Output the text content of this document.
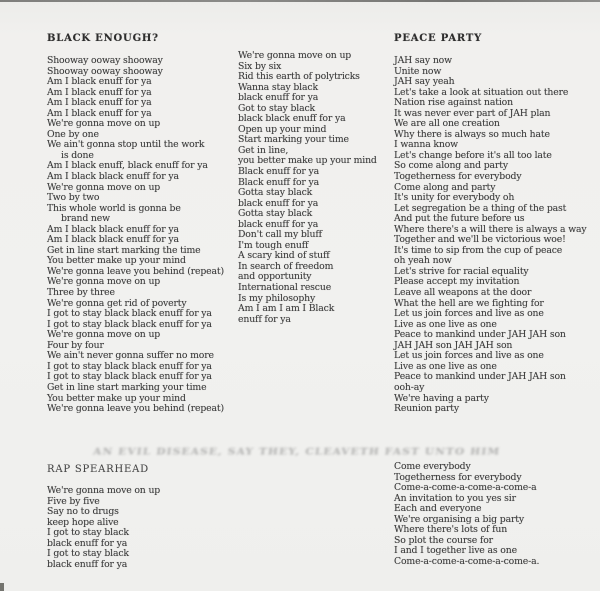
BLACK ENOUGH?
Shooway ooway shooway
Shooway ooway shooway
Am I black enuff for ya
Am I black enuff for ya
Am I black enuff for ya
Am I black enuff for ya
We're gonna move on up
One by one
We ain't gonna stop until the work
is done
Am I black enuff, black enuff for ya
Am I black black enuff for ya
We're gonna move on up
Two by two
This whole world is gonna be
brand new
Am I black black enuff for ya
Am I black black enuff for ya
Get in line start marking the time
You better make up your mind
We're gonna leave you behind (repeat)
We're gonna move on up
Three by three
We're gonna get rid of poverty
I got to stay black black enuff for ya
I got to stay black black enuff for ya
We're gonna move on up
Four by four
We ain't never gonna suffer no more
I got to stay black black enuff for ya
I got to stay black black enuff for ya
Get in line start marking your time
You better make up your mind
We're gonna leave you behind (repeat)
We're gonna move on up
Six by six
Rid this earth of polytricks
Wanna stay black
black enuff for ya
Got to stay black
black black enuff for ya
Open up your mind
Start marking your time
Get in line,
you better make up your mind
Black enuff for ya
Black enuff for ya
Gotta stay black
black enuff for ya
Gotta stay black
black enuff for ya
Don't call my bluff
I'm tough enuff
A scary kind of stuff
In search of freedom
and opportunity
International rescue
Is my philosophy
Am I am I am I Black
enuff for ya
PEACE PARTY
JAH say now
Unite now
JAH say yeah
Let's take a look at situation out there
Nation rise against nation
It was never ever part of JAH plan
We are all one creation
Why there is always so much hate
I wanna know
Let's change before it's all too late
So come along and party
Togetherness for everybody
Come along and party
It's unity for everybody oh
Let segregation be a thing of the past
And put the future before us
Where there's a will there is always a way
Together and we'll be victorious woe!
It's time to sip from the cup of peace
oh yeah now
Let's strive for racial equality
Please accept my invitation
Leave all weapons at the door
What the hell are we fighting for
Let us join forces and live as one
Live as one live as one
Peace to mankind under JAH JAH son
JAH JAH son JAH JAH son
Let us join forces and live as one
Live as one live as one
Peace to mankind under JAH JAH son
ooh-ay
We're having a party
Reunion party
AN EVIL DISEASE, SAY THEY, CLEAVETH FAST UNTO HIM
RAP SPEARHEAD
We're gonna move on up
Five by five
Say no to drugs
keep hope alive
I got to stay black
black enuff for ya
I got to stay black
black enuff for ya
Come everybody
Togetherness for everybody
Come-a-come-a-come-a-come-a
An invitation to you yes sir
Each and everyone
We're organising a big party
Where there's lots of fun
So plot the course for
I and I together live as one
Come-a-come-a-come-a-come-a.
